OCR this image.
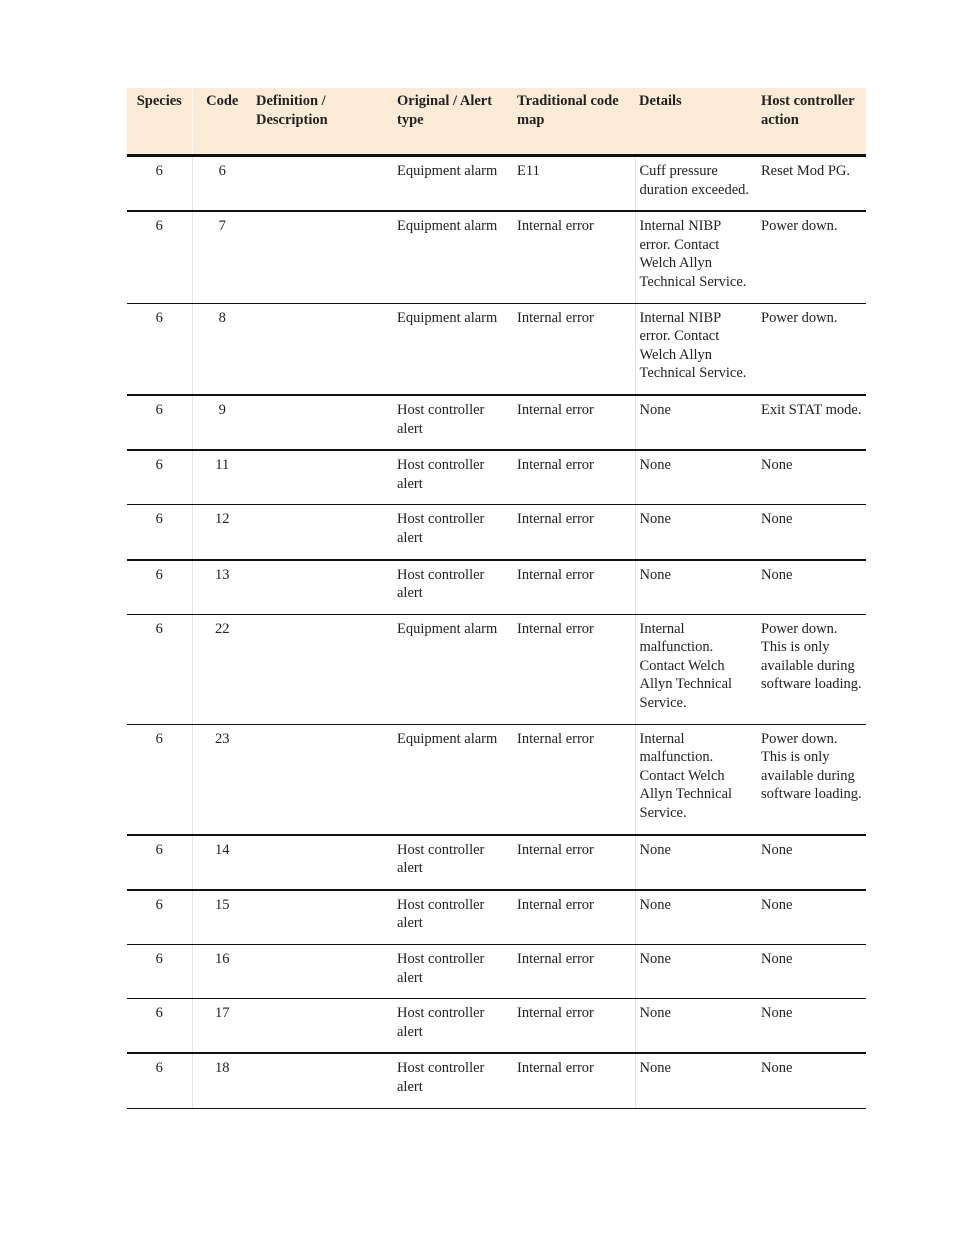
Species	Code	Definition / Description	Original / Alert type	Traditional code map	Details	Host controller action
6	6		Equipment alarm	E11	Cuff pressure duration exceeded.	Reset Mod PG.
6	7		Equipment alarm	Internal error	Internal NIBP error. Contact Welch Allyn Technical Service.	Power down.
6	8		Equipment alarm	Internal error	Internal NIBP error. Contact Welch Allyn Technical Service.	Power down.
6	9		Host controller alert	Internal error	None	Exit STAT mode.
6	11		Host controller alert	Internal error	None	None
6	12		Host controller alert	Internal error	None	None
6	13		Host controller alert	Internal error	None	None
6	22		Equipment alarm	Internal error	Internal malfunction. Contact Welch Allyn Technical Service.	Power down. This is only available during software loading.
6	23		Equipment alarm	Internal error	Internal malfunction. Contact Welch Allyn Technical Service.	Power down. This is only available during software loading.
6	14		Host controller alert	Internal error	None	None
6	15		Host controller alert	Internal error	None	None
6	16		Host controller alert	Internal error	None	None
6	17		Host controller alert	Internal error	None	None
6	18		Host controller alert	Internal error	None	None
